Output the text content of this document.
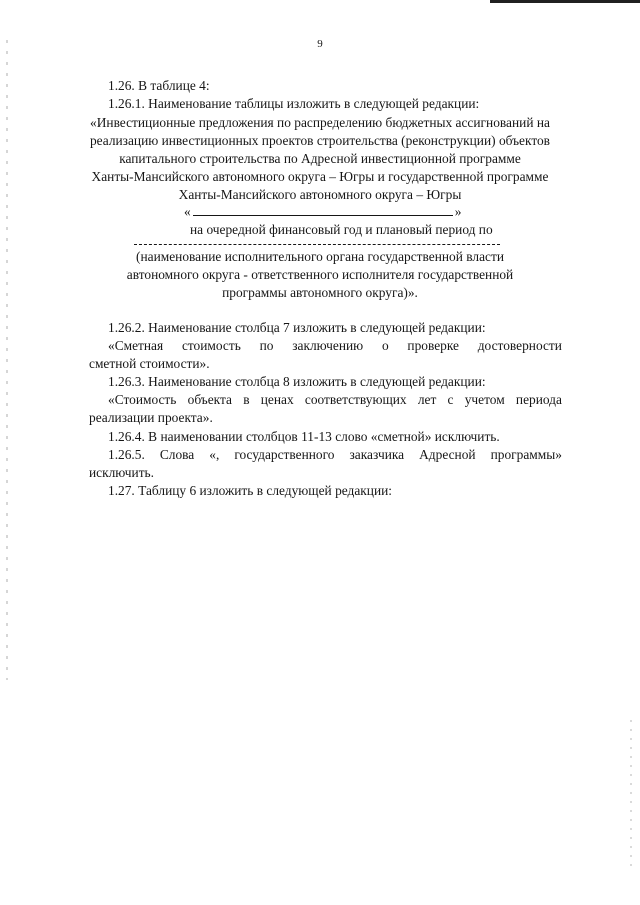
9
1.26. В таблице 4:
1.26.1. Наименование таблицы изложить в следующей редакции:
«Инвестиционные предложения по распределению бюджетных ассигнований на
реализацию инвестиционных проектов строительства (реконструкции) объектов
капитального строительства по Адресной инвестиционной программе
Ханты-Мансийского автономного округа – Югры и государственной программе
Ханты-Мансийского автономного округа – Югры
«	»
на очередной финансовый год и плановый период по
(наименование исполнительного органа государственной власти
автономного округа - ответственного исполнителя государственной
программы автономного округа)».
1.26.2. Наименование столбца 7 изложить в следующей редакции:
«Сметная стоимость по заключению о проверке достоверности
сметной стоимости».
1.26.3. Наименование столбца 8 изложить в следующей редакции:
«Стоимость объекта в ценах соответствующих лет с учетом периода
реализации проекта».
1.26.4. В наименовании столбцов 11-13 слово «сметной» исключить.
1.26.5. Слова «, государственного заказчика Адресной программы»
исключить.
1.27. Таблицу 6 изложить в следующей редакции:
